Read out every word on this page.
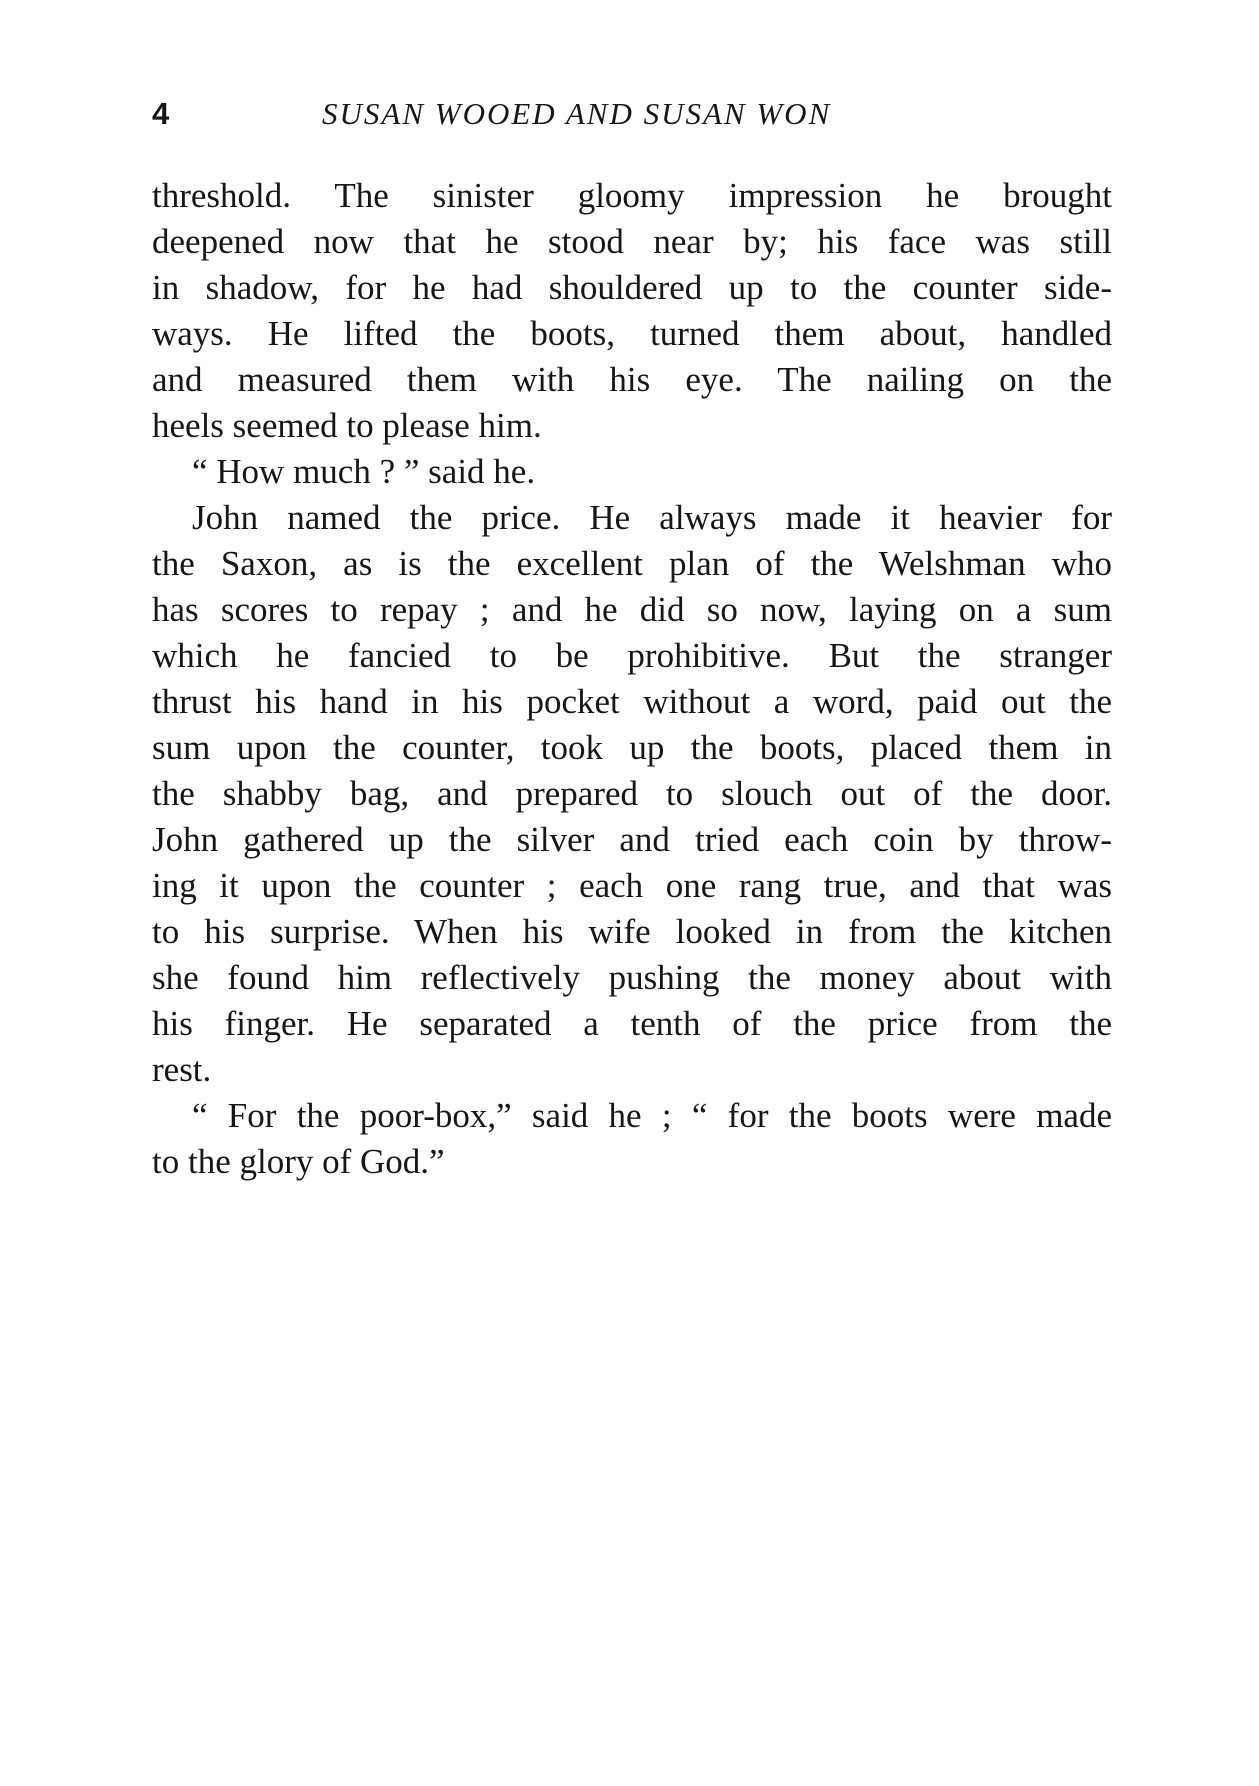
4	SUSAN WOOED AND SUSAN WON
threshold. The sinister gloomy impression he brought
deepened now that he stood near by; his face was still
in shadow, for he had shouldered up to the counter side-
ways. He lifted the boots, turned them about, handled
and measured them with his eye. The nailing on the
heels seemed to please him.
“ How much ? ” said he.
John named the price. He always made it heavier for
the Saxon, as is the excellent plan of the Welshman who
has scores to repay ; and he did so now, laying on a sum
which he fancied to be prohibitive. But the stranger
thrust his hand in his pocket without a word, paid out the
sum upon the counter, took up the boots, placed them in
the shabby bag, and prepared to slouch out of the door.
John gathered up the silver and tried each coin by throw-
ing it upon the counter ; each one rang true, and that was
to his surprise. When his wife looked in from the kitchen
she found him reflectively pushing the money about with
his finger. He separated a tenth of the price from the
rest.
“ For the poor-box,” said he ; “ for the boots were made
to the glory of God.”
